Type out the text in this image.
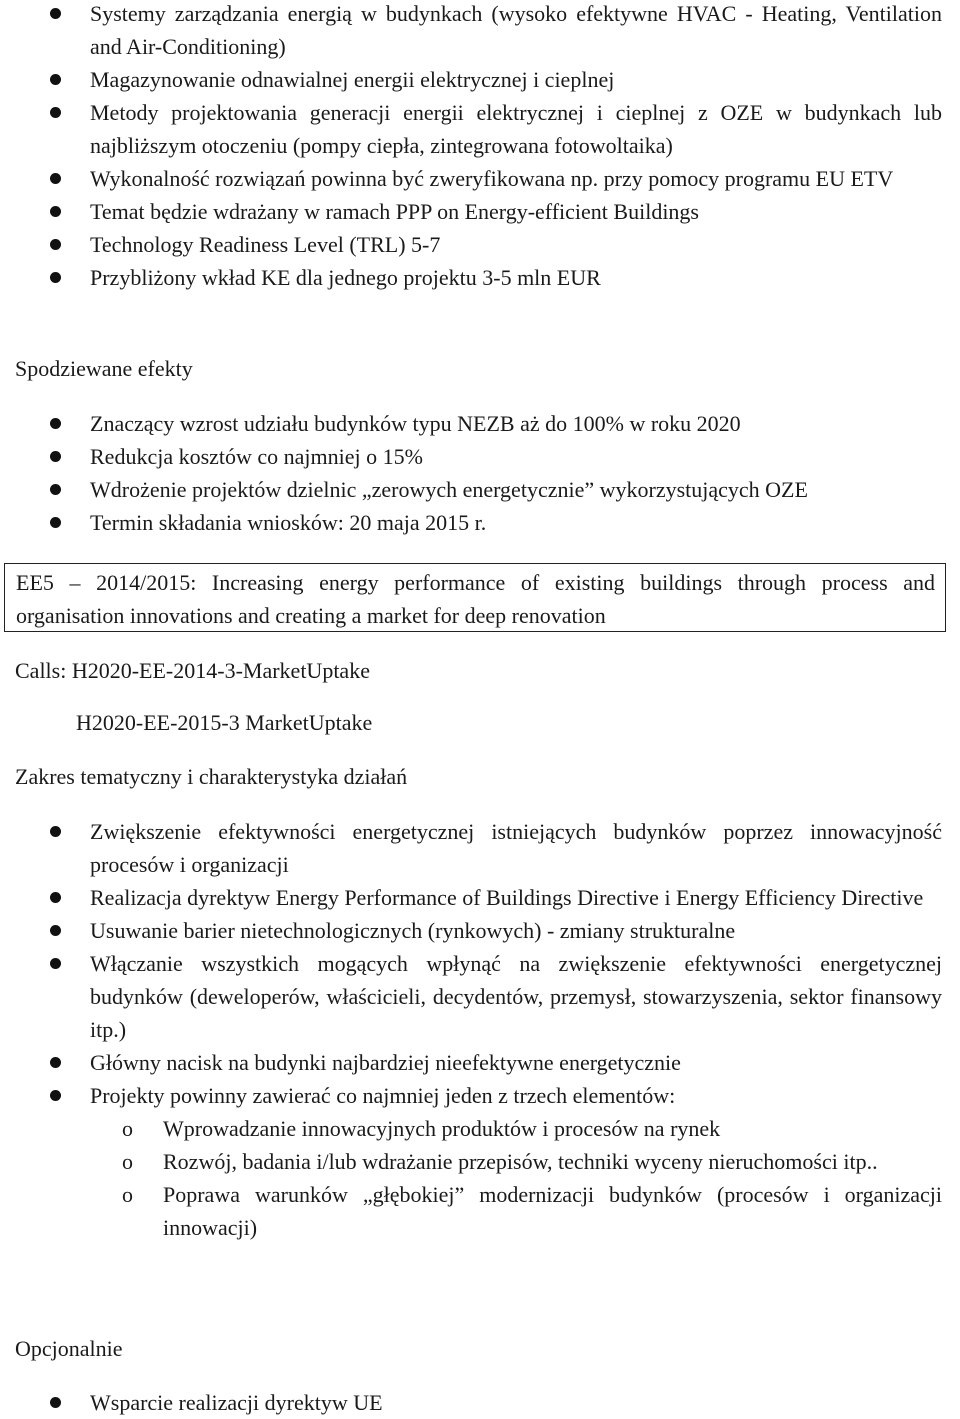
Systemy zarządzania energią w budynkach (wysoko efektywne HVAC - Heating, Ventilation and Air-Conditioning)
Magazynowanie odnawialnej energii elektrycznej i cieplnej
Metody projektowania generacji energii elektrycznej i cieplnej z OZE w budynkach lub najbliższym otoczeniu (pompy ciepła, zintegrowana fotowoltaika)
Wykonalność rozwiązań powinna być zweryfikowana np. przy pomocy programu EU ETV
Temat będzie wdrażany w ramach PPP on Energy-efficient Buildings
Technology Readiness Level (TRL) 5-7
Przybliżony wkład KE dla jednego projektu 3-5 mln EUR
Spodziewane efekty
Znaczący wzrost udziału budynków typu NEZB aż do 100% w roku 2020
Redukcja kosztów co najmniej o 15%
Wdrożenie projektów dzielnic „zerowych energetycznie” wykorzystujących OZE
Termin składania wniosków: 20 maja 2015 r.
EE5 – 2014/2015: Increasing energy performance of existing buildings through process and organisation innovations and creating a market for deep renovation
Calls: H2020-EE-2014-3-MarketUptake
H2020-EE-2015-3 MarketUptake
Zakres tematyczny i charakterystyka działań
Zwiększenie efektywności energetycznej istniejących budynków poprzez innowacyjność procesów i organizacji
Realizacja dyrektyw Energy Performance of Buildings Directive i Energy Efficiency Directive
Usuwanie barier nietechnologicznych (rynkowych) - zmiany strukturalne
Włączanie wszystkich mogących wpłynąć na zwiększenie efektywności energetycznej budynków (deweloperów, właścicieli, decydentów, przemysł, stowarzyszenia, sektor finansowy itp.)
Główny nacisk na budynki najbardziej nieefektywne energetycznie
Projekty powinny zawierać co najmniej jeden z trzech elementów:
o Wprowadzanie innowacyjnych produktów i procesów na rynek
o Rozwój, badania i/lub wdrażanie przepisów, techniki wyceny nieruchomości itp..
o Poprawa warunków „głębokiej” modernizacji budynków (procesów i organizacji innowacji)
Opcjonalnie
Wsparcie realizacji dyrektyw UE
